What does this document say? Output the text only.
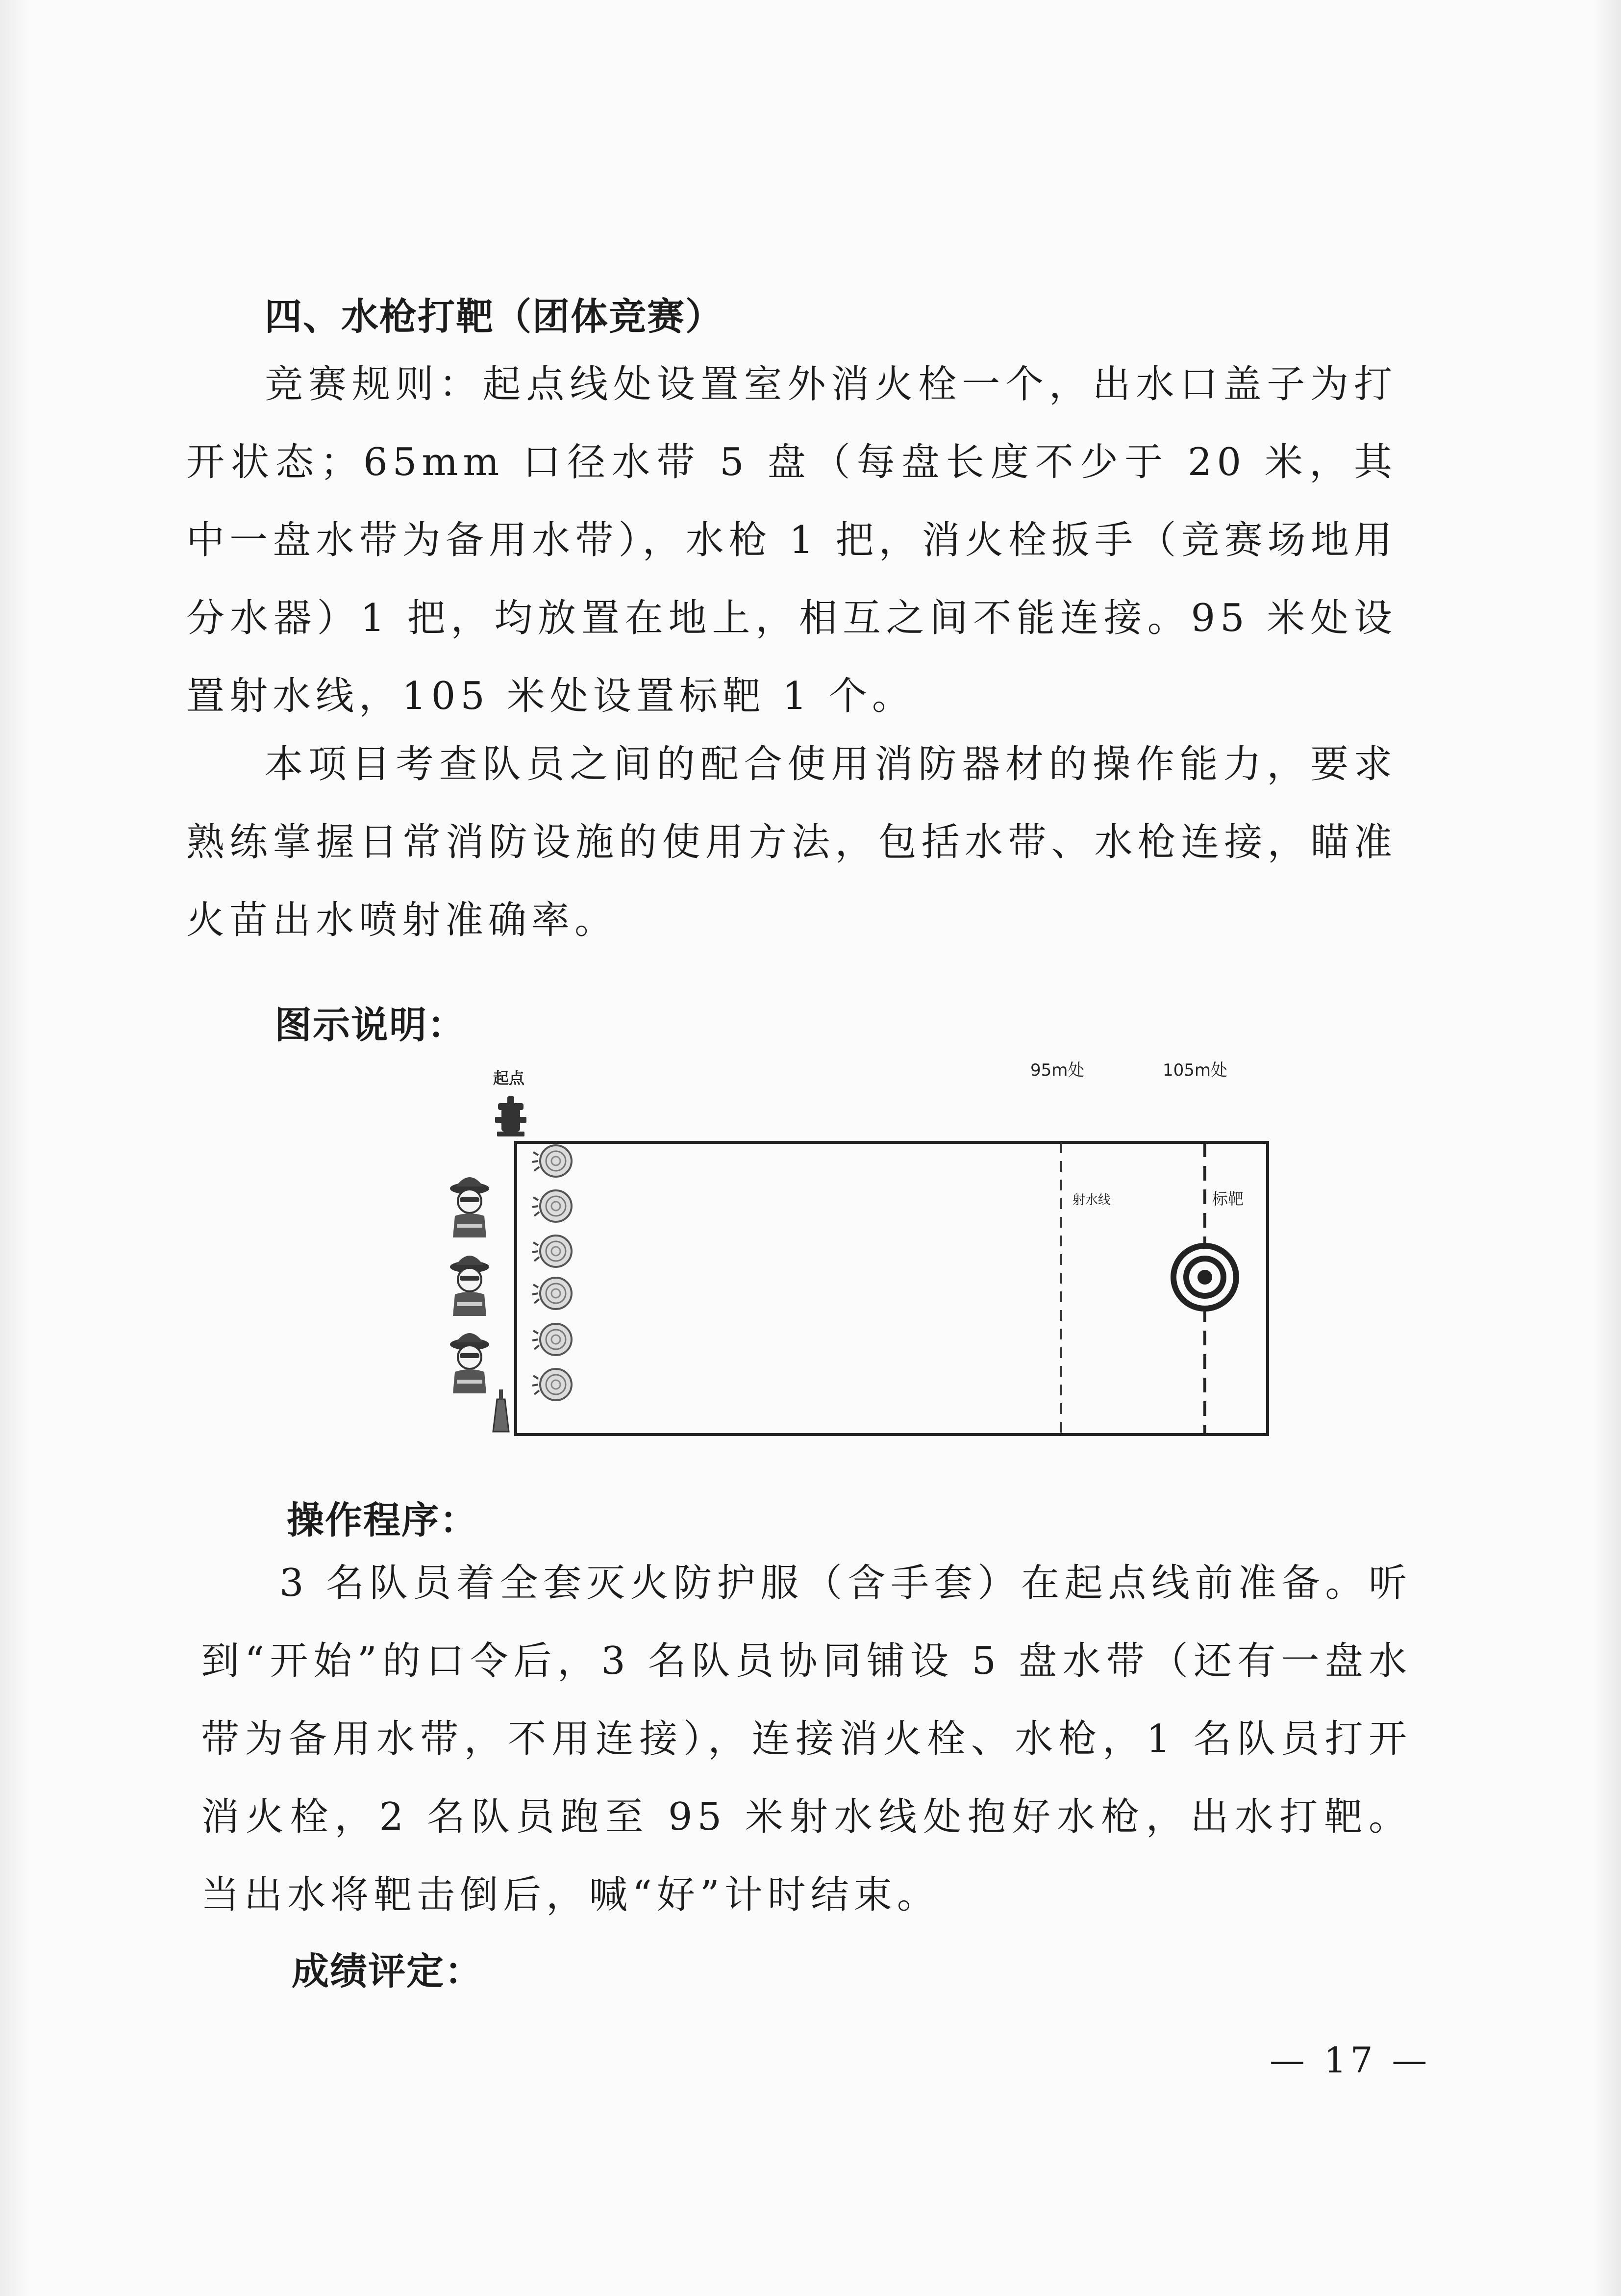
四、水枪打靶（团体竞赛）

竞赛规则：起点线处设置室外消火栓一个，出水口盖子为打开状态；65mm 口径水带 5 盘（每盘长度不少于 20 米，其中一盘水带为备用水带），水枪 1 把，消火栓扳手（竞赛场地用分水器）1 把，均放置在地上，相互之间不能连接。95 米处设置射水线，105 米处设置标靶 1 个。

本项目考查队员之间的配合使用消防器材的操作能力，要求熟练掌握日常消防设施的使用方法，包括水带、水枪连接，瞄准火苗出水喷射准确率。

图示说明：
起点	95m处	105m处
射水线	标靶
操作程序：

3 名队员着全套灭火防护服（含手套）在起点线前准备。听到“开始”的口令后，3 名队员协同铺设 5 盘水带（还有一盘水带为备用水带，不用连接），连接消火栓、水枪，1 名队员打开消火栓，2 名队员跑至 95 米射水线处抱好水枪，出水打靶。当出水将靶击倒后，喊“好”计时结束。

成绩评定：
— 17 —
